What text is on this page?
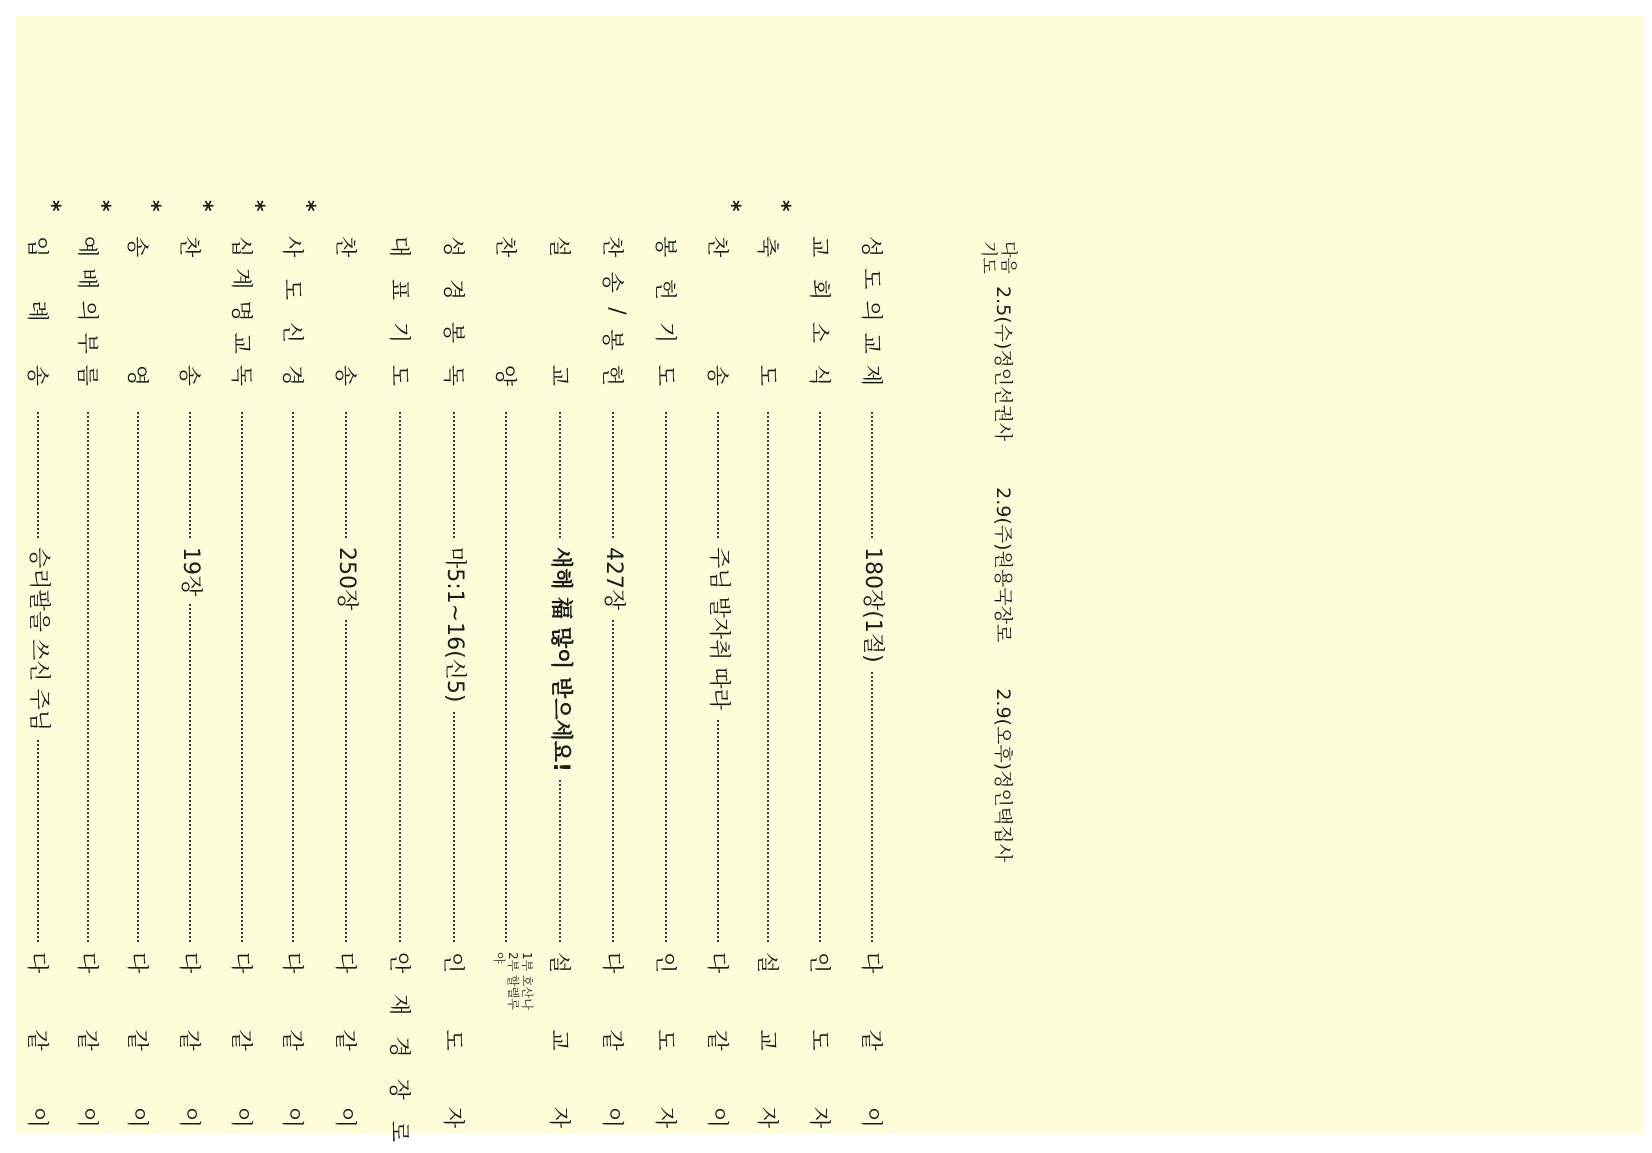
*
입
례
송
승리팔을 쓰신 주님
다
같
이
*
예
배
의
부
름
다
같
이
*
송
영
다
같
이
*
찬
송
19장
다
같
이
*
십
계
명
교
독
다
같
이
*
사
도
신
경
다
같
이
찬
송
250장
다
같
이
대
표
기
도
안
재
경
장
로
성
경
봉
독
마5:1~16(신5)
인
도
자
찬
양
1부 호산나
2부 할렐루야
설
교
새해 福 많이 받으세요!
설
교
자
찬
송
/
봉
헌
427장
다
같
이
봉
헌
기
도
인
도
자
*
찬
송
주님 발자취 따라
다
같
이
*
축
도
설
교
자
교
회
소
식
인
도
자
성
도
의
교
제
180장(1절)
다
같
이
다음 기도
2.5(수)정인선권사
2.9(주)원용국장로
2.9(오후)정인택집사
